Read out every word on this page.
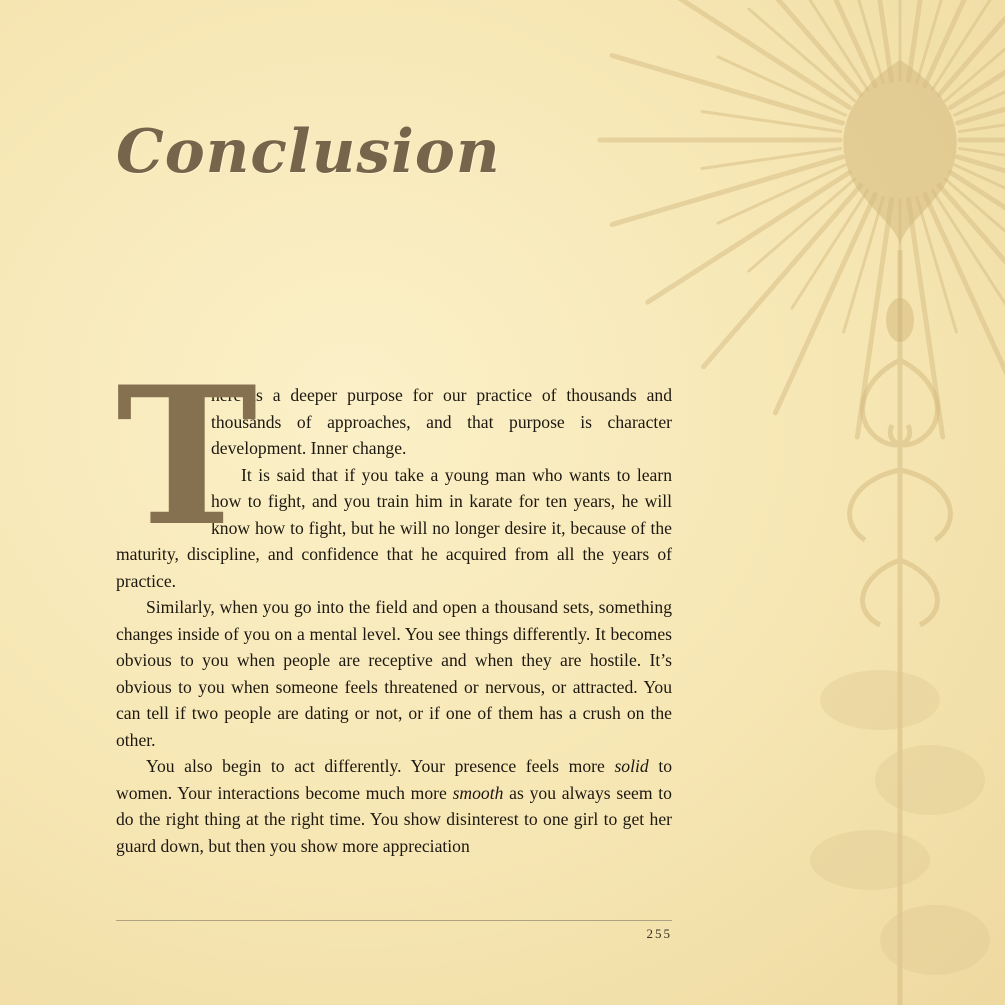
Conclusion
T

here is a deeper purpose for our practice of thousands and thousands of approaches, and that purpose is character development. Inner change.

It is said that if you take a young man who wants to learn how to fight, and you train him in karate for ten years, he will know how to fight, but he will no longer desire it, because of the maturity, discipline, and confidence that he acquired from all the years of practice.

Similarly, when you go into the field and open a thousand sets, something changes inside of you on a mental level. You see things differently. It becomes obvious to you when people are receptive and when they are hostile. It’s obvious to you when someone feels threatened or nervous, or attracted. You can tell if two people are dating or not, or if one of them has a crush on the other.

You also begin to act differently. Your presence feels more solid to women. Your interactions become much more smooth as you always seem to do the right thing at the right time. You show disinterest to one girl to get her guard down, but then you show more appreciation

255
